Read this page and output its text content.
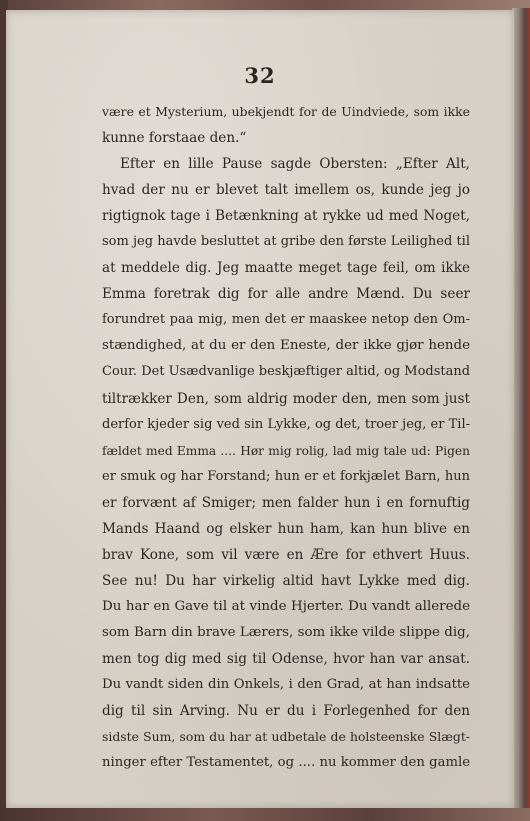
32
være et Mysterium, ubekjendt for de Uindviede, som ikke
kunne forstaae den.“
Efter en lille Pause sagde Obersten: „Efter Alt,
hvad der nu er blevet talt imellem os, kunde jeg jo
rigtignok tage i Betænkning at rykke ud med Noget,
som jeg havde besluttet at gribe den første Leilighed til
at meddele dig. Jeg maatte meget tage feil, om ikke
Emma foretrak dig for alle andre Mænd. Du seer
forundret paa mig, men det er maaskee netop den Om-
stændighed, at du er den Eneste, der ikke gjør hende
Cour. Det Usædvanlige beskjæftiger altid, og Modstand
tiltrækker Den, som aldrig moder den, men som just
derfor kjeder sig ved sin Lykke, og det, troer jeg, er Til-
fældet med Emma .... Hør mig rolig, lad mig tale ud: Pigen
er smuk og har Forstand; hun er et forkjælet Barn, hun
er forvænt af Smiger; men falder hun i en fornuftig
Mands Haand og elsker hun ham, kan hun blive en
brav Kone, som vil være en Ære for ethvert Huus.
See nu! Du har virkelig altid havt Lykke med dig.
Du har en Gave til at vinde Hjerter. Du vandt allerede
som Barn din brave Lærers, som ikke vilde slippe dig,
men tog dig med sig til Odense, hvor han var ansat.
Du vandt siden din Onkels, i den Grad, at han indsatte
dig til sin Arving. Nu er du i Forlegenhed for den
sidste Sum, som du har at udbetale de holsteenske Slægt-
ninger efter Testamentet, og .... nu kommer den gamle
